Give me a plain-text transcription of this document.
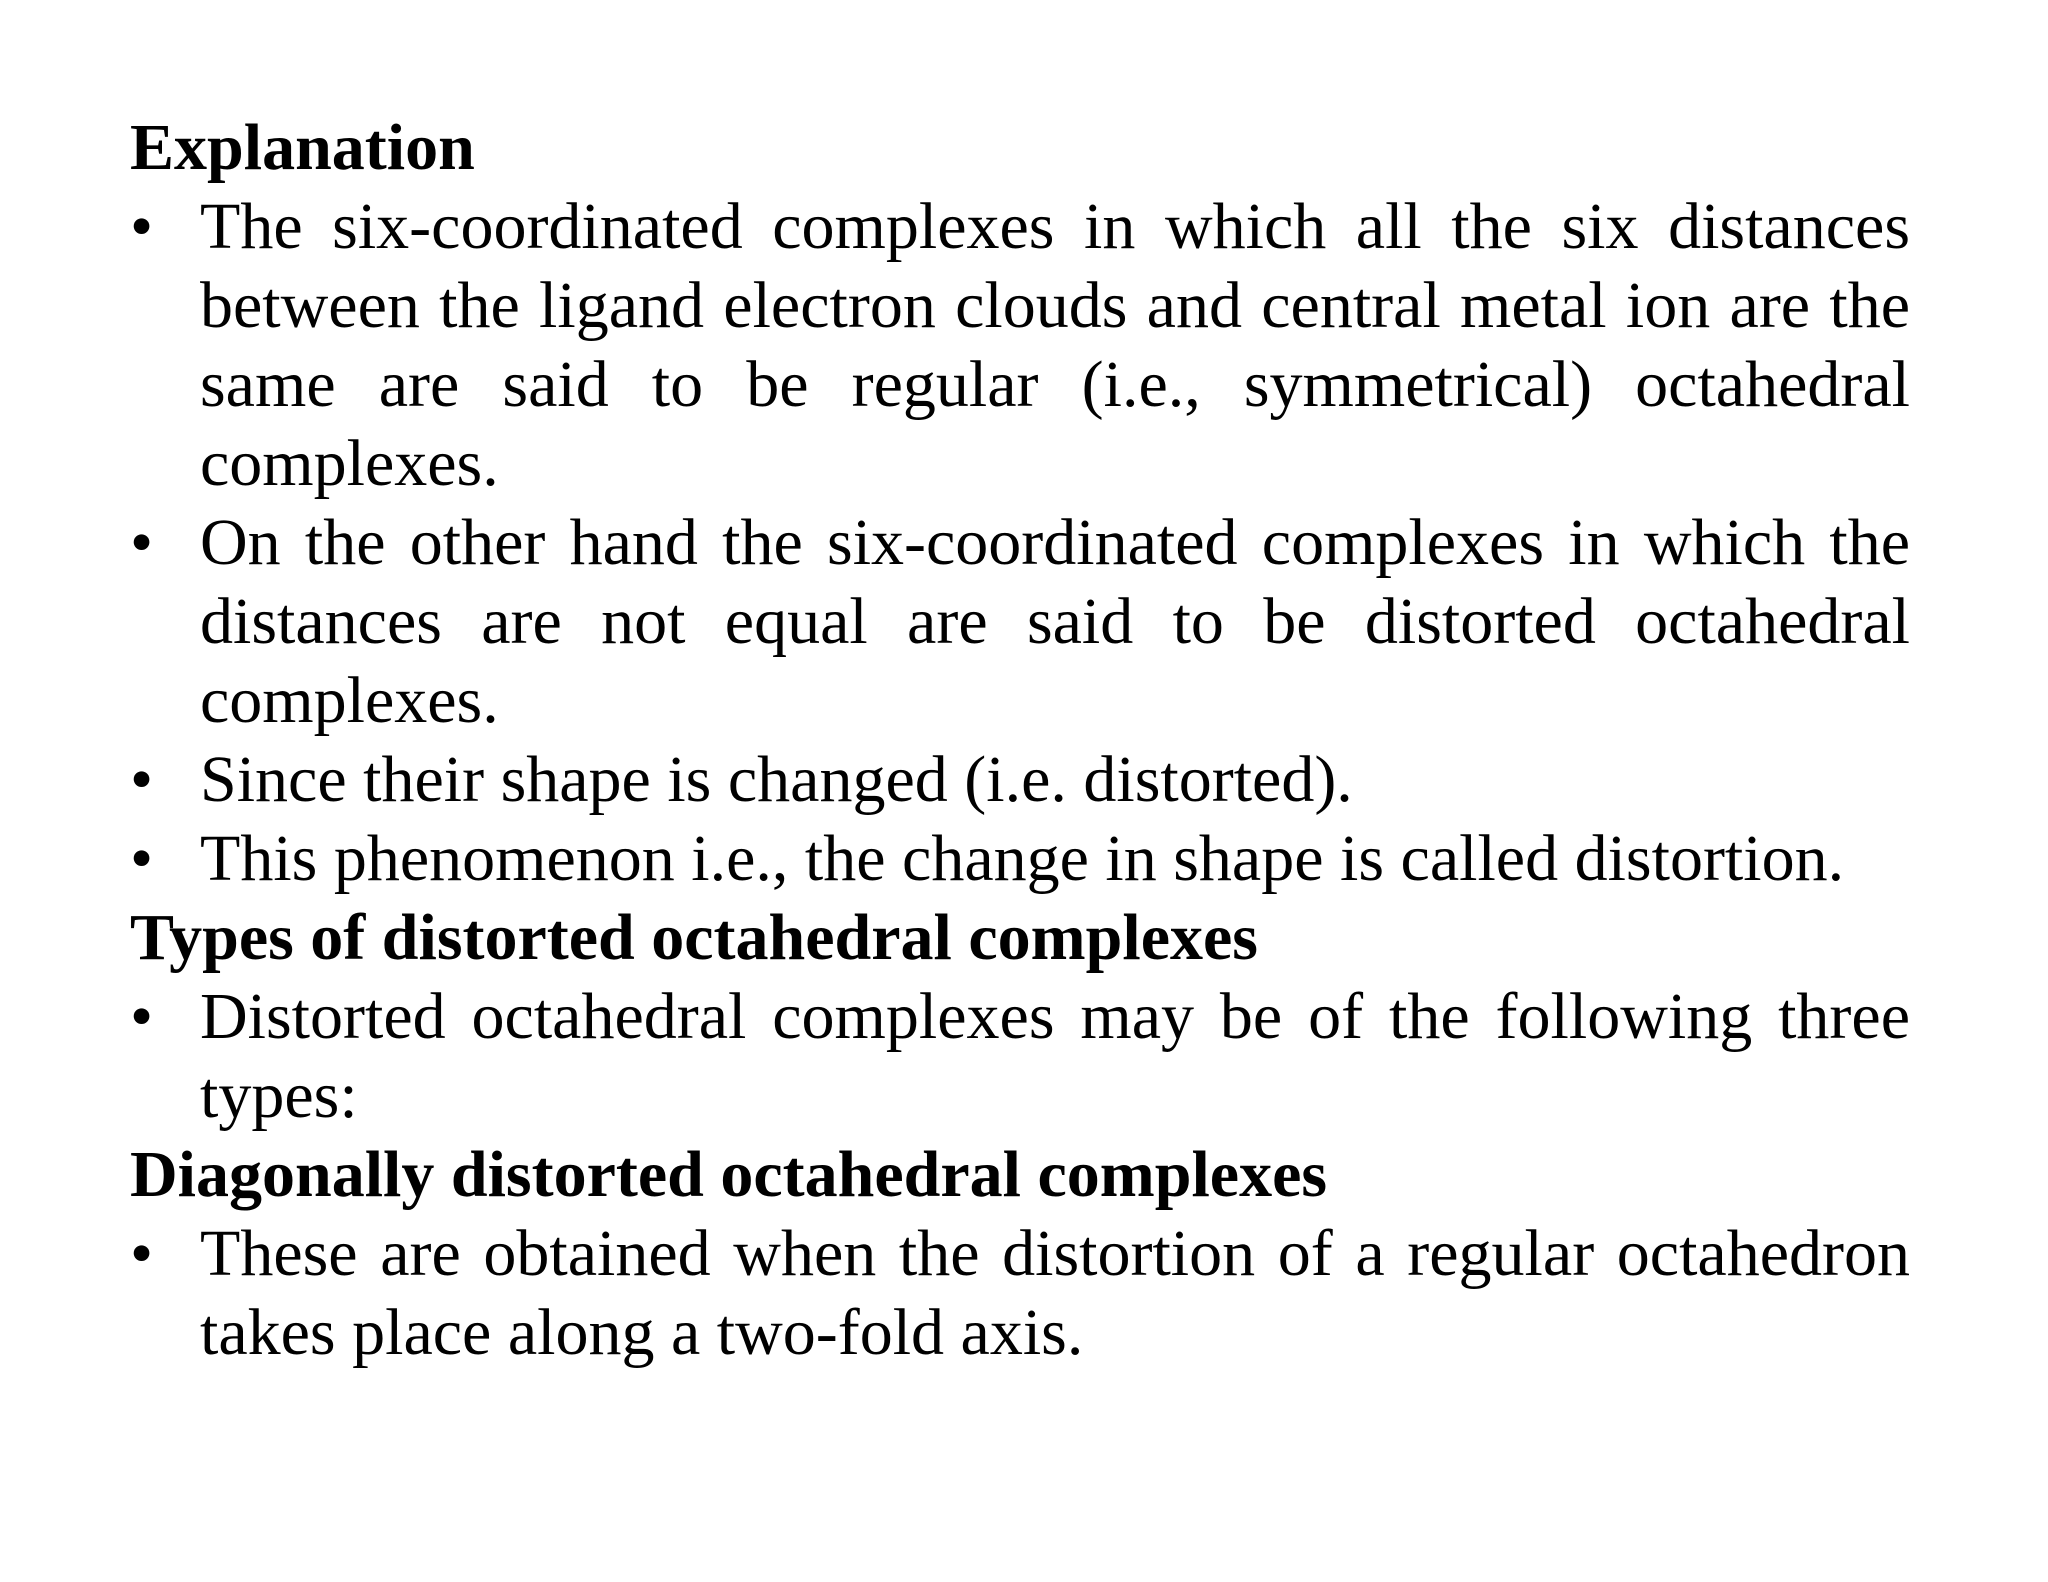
Explanation
• The six-coordinated complexes in which all the six distances between the ligand electron clouds and central metal ion are the same are said to be regular (i.e., symmetrical) octahedral complexes.
• On the other hand the six-coordinated complexes in which the distances are not equal are said to be distorted octahedral complexes.
• Since their shape is changed (i.e. distorted).
• This phenomenon i.e., the change in shape is called distortion.
Types of distorted octahedral complexes
• Distorted octahedral complexes may be of the following three types:
Diagonally distorted octahedral complexes
• These are obtained when the distortion of a regular octahedron takes place along a two-fold axis.
